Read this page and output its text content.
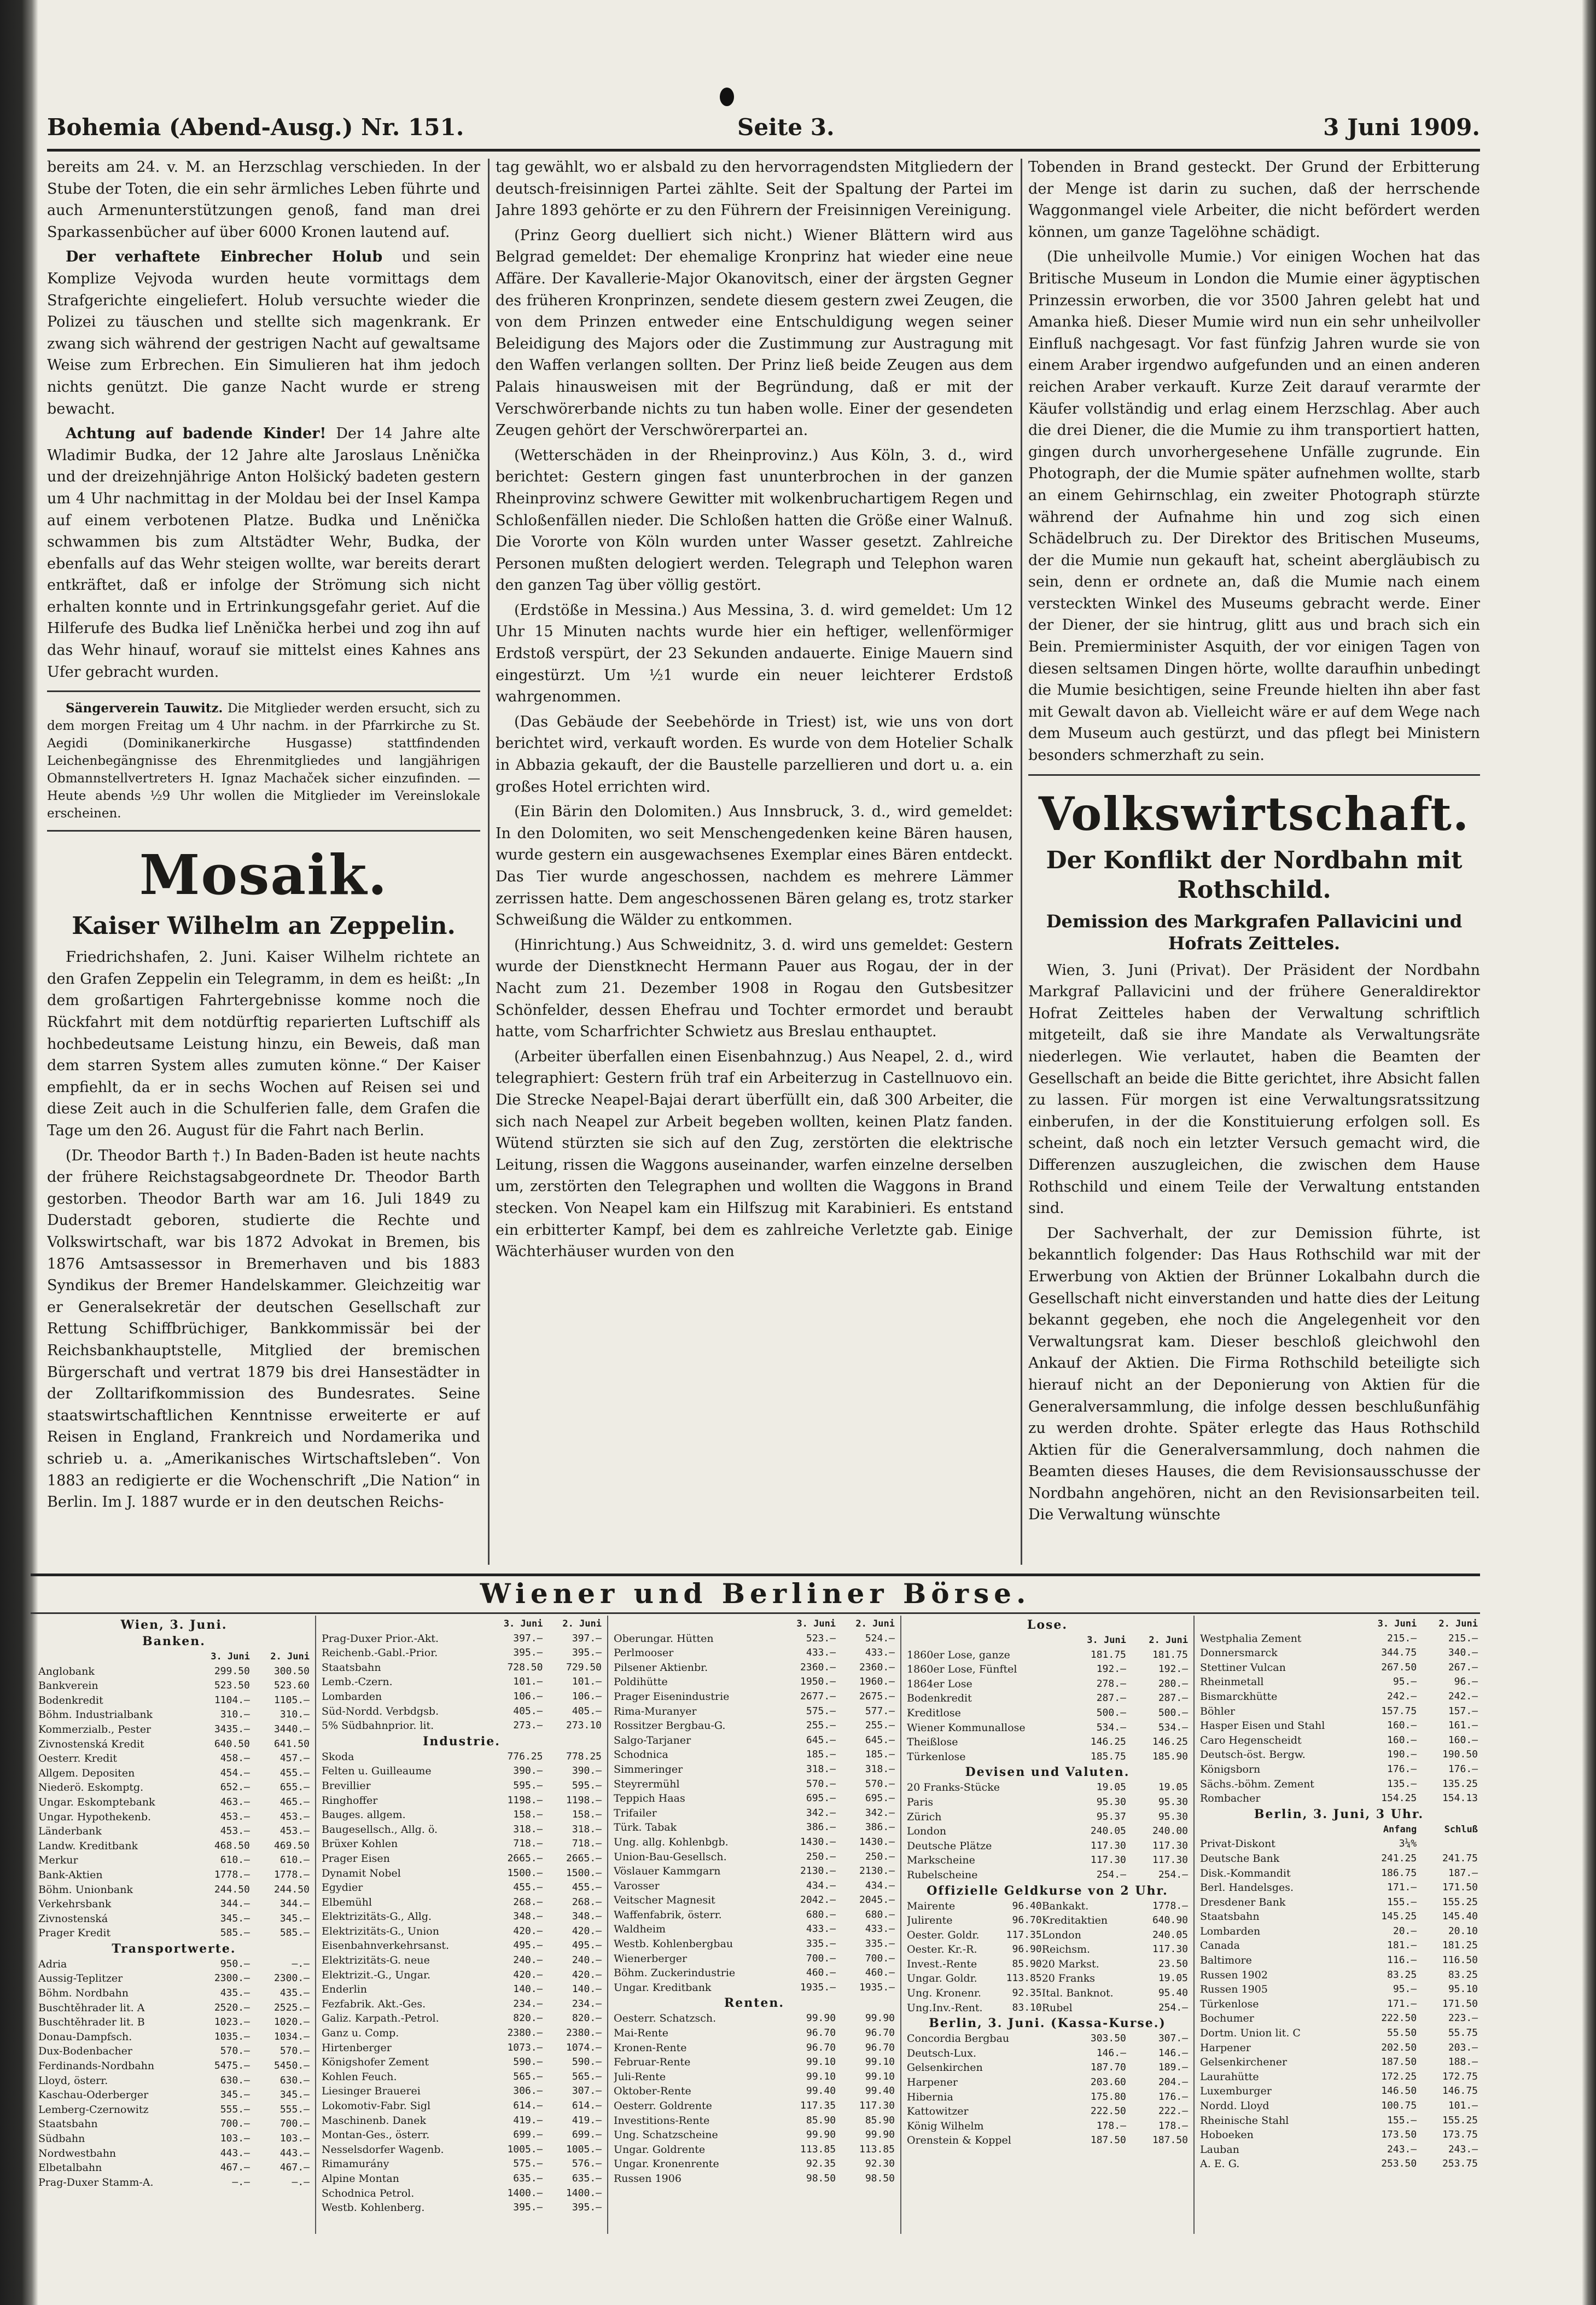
Bohemia (Abend-Ausg.) Nr. 151.	Seite 3.	3 Juni 1909.

bereits am 24. v. M. an Herzschlag verschieden. In der Stube der Toten, die ein sehr ärmliches Leben führte und auch Armenunterstützungen genoß, fand man drei Sparkassenbücher auf über 6000 Kronen lautend auf.

Der verhaftete Einbrecher Holub und sein Komplize Vejvoda wurden heute vormittags dem Strafgerichte eingeliefert. Holub versuchte wieder die Polizei zu täuschen und stellte sich magenkrank. Er zwang sich während der gestrigen Nacht auf gewaltsame Weise zum Erbrechen. Ein Simulieren hat ihm jedoch nichts genützt. Die ganze Nacht wurde er streng bewacht.

Achtung auf badende Kinder! Der 14 Jahre alte Wladimir Budka, der 12 Jahre alte Jaroslaus Lněnička und der dreizehnjährige Anton Holšický badeten gestern um 4 Uhr nachmittag in der Moldau bei der Insel Kampa auf einem verbotenen Platze. Budka und Lněnička schwammen bis zum Altstädter Wehr, Budka, der ebenfalls auf das Wehr steigen wollte, war bereits derart entkräftet, daß er infolge der Strömung sich nicht erhalten konnte und in Ertrinkungsgefahr geriet. Auf die Hilferufe des Budka lief Lněnička herbei und zog ihn auf das Wehr hinauf, worauf sie mittelst eines Kahnes ans Ufer gebracht wurden.

Sängerverein Tauwitz. Die Mitglieder werden ersucht, sich zu dem morgen Freitag um 4 Uhr nachm. in der Pfarrkirche zu St. Aegidi (Dominikanerkirche Husgasse) stattfindenden Leichenbegängnisse des Ehrenmitgliedes und langjährigen Obmannstellvertreters H. Ignaz Machaček sicher einzufinden. — Heute abends ½9 Uhr wollen die Mitglieder im Vereinslokale erscheinen.

Mosaik.
Kaiser Wilhelm an Zeppelin.

Friedrichshafen, 2. Juni. Kaiser Wilhelm richtete an den Grafen Zeppelin ein Telegramm, in dem es heißt: „In dem großartigen Fahrtergebnisse komme noch die Rückfahrt mit dem notdürftig reparierten Luftschiff als hochbedeutsame Leistung hinzu, ein Beweis, daß man dem starren System alles zumuten könne.“ Der Kaiser empfiehlt, da er in sechs Wochen auf Reisen sei und diese Zeit auch in die Schulferien falle, dem Grafen die Tage um den 26. August für die Fahrt nach Berlin.

(Dr. Theodor Barth †.) In Baden-Baden ist heute nachts der frühere Reichstagsabgeordnete Dr. Theodor Barth gestorben. Theodor Barth war am 16. Juli 1849 zu Duderstadt geboren, studierte die Rechte und Volkswirtschaft, war bis 1872 Advokat in Bremen, bis 1876 Amtsassessor in Bremerhaven und bis 1883 Syndikus der Bremer Handelskammer. Gleichzeitig war er Generalsekretär der deutschen Gesellschaft zur Rettung Schiffbrüchiger, Bankkommissär bei der Reichsbankhauptstelle, Mitglied der bremischen Bürgerschaft und vertrat 1879 bis drei Hansestädter in der Zolltarifkommission des Bundesrates. Seine staatswirtschaftlichen Kenntnisse erweiterte er auf Reisen in England, Frankreich und Nordamerika und schrieb u. a. „Amerikanisches Wirtschaftsleben“. Von 1883 an redigierte er die Wochenschrift „Die Nation“ in Berlin. Im J. 1887 wurde er in den deutschen Reichs-

tag gewählt, wo er alsbald zu den hervorragendsten Mitgliedern der deutsch-freisinnigen Partei zählte. Seit der Spaltung der Partei im Jahre 1893 gehörte er zu den Führern der Freisinnigen Vereinigung.

(Prinz Georg duelliert sich nicht.) Wiener Blättern wird aus Belgrad gemeldet: Der ehemalige Kronprinz hat wieder eine neue Affäre. Der Kavallerie-Major Okanovitsch, einer der ärgsten Gegner des früheren Kronprinzen, sendete diesem gestern zwei Zeugen, die von dem Prinzen entweder eine Entschuldigung wegen seiner Beleidigung des Majors oder die Zustimmung zur Austragung mit den Waffen verlangen sollten. Der Prinz ließ beide Zeugen aus dem Palais hinausweisen mit der Begründung, daß er mit der Verschwörerbande nichts zu tun haben wolle. Einer der gesendeten Zeugen gehört der Verschwörerpartei an.

(Wetterschäden in der Rheinprovinz.) Aus Köln, 3. d., wird berichtet: Gestern gingen fast ununterbrochen in der ganzen Rheinprovinz schwere Gewitter mit wolkenbruchartigem Regen und Schloßenfällen nieder. Die Schloßen hatten die Größe einer Walnuß. Die Vororte von Köln wurden unter Wasser gesetzt. Zahlreiche Personen mußten delogiert werden. Telegraph und Telephon waren den ganzen Tag über völlig gestört.

(Erdstöße in Messina.) Aus Messina, 3. d. wird gemeldet: Um 12 Uhr 15 Minuten nachts wurde hier ein heftiger, wellenförmiger Erdstoß verspürt, der 23 Sekunden andauerte. Einige Mauern sind eingestürzt. Um ½1 wurde ein neuer leichterer Erdstoß wahrgenommen.

(Das Gebäude der Seebehörde in Triest) ist, wie uns von dort berichtet wird, verkauft worden. Es wurde von dem Hotelier Schalk in Abbazia gekauft, der die Baustelle parzellieren und dort u. a. ein großes Hotel errichten wird.

(Ein Bärin den Dolomiten.) Aus Innsbruck, 3. d., wird gemeldet: In den Dolomiten, wo seit Menschengedenken keine Bären hausen, wurde gestern ein ausgewachsenes Exemplar eines Bären entdeckt. Das Tier wurde angeschossen, nachdem es mehrere Lämmer zerrissen hatte. Dem angeschossenen Bären gelang es, trotz starker Schweißung die Wälder zu entkommen.

(Hinrichtung.) Aus Schweidnitz, 3. d. wird uns gemeldet: Gestern wurde der Dienstknecht Hermann Pauer aus Rogau, der in der Nacht zum 21. Dezember 1908 in Rogau den Gutsbesitzer Schönfelder, dessen Ehefrau und Tochter ermordet und beraubt hatte, vom Scharfrichter Schwietz aus Breslau enthauptet.

(Arbeiter überfallen einen Eisenbahnzug.) Aus Neapel, 2. d., wird telegraphiert: Gestern früh traf ein Arbeiterzug in Castellnuovo ein. Die Strecke Neapel-Bajai derart überfüllt ein, daß 300 Arbeiter, die sich nach Neapel zur Arbeit begeben wollten, keinen Platz fanden. Wütend stürzten sie sich auf den Zug, zerstörten die elektrische Leitung, rissen die Waggons auseinander, warfen einzelne derselben um, zerstörten den Telegraphen und wollten die Waggons in Brand stecken. Von Neapel kam ein Hilfszug mit Karabinieri. Es entstand ein erbitterter Kampf, bei dem es zahlreiche Verletzte gab. Einige Wächterhäuser wurden von den

Tobenden in Brand gesteckt. Der Grund der Erbitterung der Menge ist darin zu suchen, daß der herrschende Waggonmangel viele Arbeiter, die nicht befördert werden können, um ganze Tagelöhne schädigt.

(Die unheilvolle Mumie.) Vor einigen Wochen hat das Britische Museum in London die Mumie einer ägyptischen Prinzessin erworben, die vor 3500 Jahren gelebt hat und Amanka hieß. Dieser Mumie wird nun ein sehr unheilvoller Einfluß nachgesagt. Vor fast fünfzig Jahren wurde sie von einem Araber irgendwo aufgefunden und an einen anderen reichen Araber verkauft. Kurze Zeit darauf verarmte der Käufer vollständig und erlag einem Herzschlag. Aber auch die drei Diener, die die Mumie zu ihm transportiert hatten, gingen durch unvorhergesehene Unfälle zugrunde. Ein Photograph, der die Mumie später aufnehmen wollte, starb an einem Gehirnschlag, ein zweiter Photograph stürzte während der Aufnahme hin und zog sich einen Schädelbruch zu. Der Direktor des Britischen Museums, der die Mumie nun gekauft hat, scheint abergläubisch zu sein, denn er ordnete an, daß die Mumie nach einem versteckten Winkel des Museums gebracht werde. Einer der Diener, der sie hintrug, glitt aus und brach sich ein Bein. Premierminister Asquith, der vor einigen Tagen von diesen seltsamen Dingen hörte, wollte daraufhin unbedingt die Mumie besichtigen, seine Freunde hielten ihn aber fast mit Gewalt davon ab. Vielleicht wäre er auf dem Wege nach dem Museum auch gestürzt, und das pflegt bei Ministern besonders schmerzhaft zu sein.

Volkswirtschaft.
Der Konflikt der Nordbahn mit Rothschild.
Demission des Markgrafen Pallavicini und Hofrats Zeitteles.

Wien, 3. Juni (Privat). Der Präsident der Nordbahn Markgraf Pallavicini und der frühere Generaldirektor Hofrat Zeitteles haben der Verwaltung schriftlich mitgeteilt, daß sie ihre Mandate als Verwaltungsräte niederlegen. Wie verlautet, haben die Beamten der Gesellschaft an beide die Bitte gerichtet, ihre Absicht fallen zu lassen. Für morgen ist eine Verwaltungsratssitzung einberufen, in der die Konstituierung erfolgen soll. Es scheint, daß noch ein letzter Versuch gemacht wird, die Differenzen auszugleichen, die zwischen dem Hause Rothschild und einem Teile der Verwaltung entstanden sind.

Der Sachverhalt, der zur Demission führte, ist bekanntlich folgender: Das Haus Rothschild war mit der Erwerbung von Aktien der Brünner Lokalbahn durch die Gesellschaft nicht einverstanden und hatte dies der Leitung bekannt gegeben, ehe noch die Angelegenheit vor den Verwaltungsrat kam. Dieser beschloß gleichwohl den Ankauf der Aktien. Die Firma Rothschild beteiligte sich hierauf nicht an der Deponierung von Aktien für die Generalversammlung, die infolge dessen beschlußunfähig zu werden drohte. Später erlegte das Haus Rothschild Aktien für die Generalversammlung, doch nahmen die Beamten dieses Hauses, die dem Revisionsausschusse der Nordbahn angehören, nicht an den Revisionsarbeiten teil. Die Verwaltung wünschte

Wiener und Berliner Börse.
Wien, 3. Juni.
Banken.
	3. Juni	2. Juni
Anglobank	299.50	300.50
Bankverein	523.50	523.60
Bodenkredit	1104.—	1105.—
Böhm. Industrialbank	310.—	310.—
Kommerzialb., Pester	3435.—	3440.—
Zivnostenská Kredit	640.50	641.50
Oesterr. Kredit	458.—	457.—
Allgem. Depositen	454.—	455.—
Niederö. Eskomptg.	652.—	655.—
Ungar. Eskomptebank	463.—	465.—
Ungar. Hypothekenb.	453.—	453.—
Länderbank	453.—	453.—
Landw. Kreditbank	468.50	469.50
Merkur	610.—	610.—
Bank-Aktien	1778.—	1778.—
Böhm. Unionbank	244.50	244.50
Verkehrsbank	344.—	344.—
Zivnostenská	345.—	345.—
Prager Kredit	585.—	585.—
Transportwerte.
Adria	950.—	—.—
Aussig-Teplitzer	2300.—	2300.—
Böhm. Nordbahn	435.—	435.—
Buschtěhrader lit. A	2520.—	2525.—
Buschtěhrader lit. B	1023.—	1020.—
Donau-Dampfsch.	1035.—	1034.—
Dux-Bodenbacher	570.—	570.—
Ferdinands-Nordbahn	5475.—	5450.—
Lloyd, österr.	630.—	630.—
Kaschau-Oderberger	345.—	345.—
Lemberg-Czernowitz	555.—	555.—
Staatsbahn	700.—	700.—
Südbahn	103.—	103.—
Nordwestbahn	443.—	443.—
Elbetalbahn	467.—	467.—
Prag-Duxer Stamm-A.	—.—	—.—
	3. Juni	2. Juni
Prag-Duxer Prior.-Akt.	397.—	397.—
Reichenb.-Gabl.-Prior.	395.—	395.—
Staatsbahn	728.50	729.50
Lemb.-Czern.	101.—	101.—
Lombarden	106.—	106.—
Süd-Nordd. Verbdgsb.	405.—	405.—
5% Südbahnprior. lit.	273.—	273.10
Industrie.
Skoda	776.25	778.25
Felten u. Guilleaume	390.—	390.—
Brevillier	595.—	595.—
Ringhoffer	1198.—	1198.—
Bauges. allgem.	158.—	158.—
Baugesellsch., Allg. ö.	318.—	318.—
Brüxer Kohlen	718.—	718.—
Prager Eisen	2665.—	2665.—
Dynamit Nobel	1500.—	1500.—
Egydier	455.—	455.—
Elbemühl	268.—	268.—
Elektrizitäts-G., Allg.	348.—	348.—
Elektrizitäts-G., Union	420.—	420.—
Eisenbahnverkehrsanst.	495.—	495.—
Elektrizitäts-G. neue	240.—	240.—
Elektrizit.-G., Ungar.	420.—	420.—
Enderlin	140.—	140.—
Fezfabrik. Akt.-Ges.	234.—	234.—
Galiz. Karpath.-Petrol.	820.—	820.—
Ganz u. Comp.	2380.—	2380.—
Hirtenberger	1073.—	1074.—
Königshofer Zement	590.—	590.—
Kohlen Feuch.	565.—	565.—
Liesinger Brauerei	306.—	307.—
Lokomotiv-Fabr. Sigl	614.—	614.—
Maschinenb. Danek	419.—	419.—
Montan-Ges., österr.	699.—	699.—
Nesselsdorfer Wagenb.	1005.—	1005.—
Rimamurány	575.—	576.—
Alpine Montan	635.—	635.—
Schodnica Petrol.	1400.—	1400.—
Westb. Kohlenberg.	395.—	395.—
	3. Juni	2. Juni
Oberungar. Hütten	523.—	524.—
Perlmooser	433.—	433.—
Pilsener Aktienbr.	2360.—	2360.—
Poldihütte	1950.—	1960.—
Prager Eisenindustrie	2677.—	2675.—
Rima-Muranyer	575.—	577.—
Rossitzer Bergbau-G.	255.—	255.—
Salgo-Tarjaner	645.—	645.—
Schodnica	185.—	185.—
Simmeringer	318.—	318.—
Steyrermühl	570.—	570.—
Teppich Haas	695.—	695.—
Trifailer	342.—	342.—
Türk. Tabak	386.—	386.—
Ung. allg. Kohlenbgb.	1430.—	1430.—
Union-Bau-Gesellsch.	250.—	250.—
Vöslauer Kammgarn	2130.—	2130.—
Varosser	434.—	434.—
Veitscher Magnesit	2042.—	2045.—
Waffenfabrik, österr.	680.—	680.—
Waldheim	433.—	433.—
Westb. Kohlenbergbau	335.—	335.—
Wienerberger	700.—	700.—
Böhm. Zuckerindustrie	460.—	460.—
Ungar. Kreditbank	1935.—	1935.—
Renten.
Oesterr. Schatzsch.	99.90	99.90
Mai-Rente	96.70	96.70
Kronen-Rente	96.70	96.70
Februar-Rente	99.10	99.10
Juli-Rente	99.10	99.10
Oktober-Rente	99.40	99.40
Oesterr. Goldrente	117.35	117.30
Investitions-Rente	85.90	85.90
Ung. Schatzscheine	99.90	99.90
Ungar. Goldrente	113.85	113.85
Ungar. Kronenrente	92.35	92.30
Russen 1906	98.50	98.50
Lose.
	3. Juni	2. Juni
1860er Lose, ganze	181.75	181.75
1860er Lose, Fünftel	192.—	192.—
1864er Lose	278.—	280.—
Bodenkredit	287.—	287.—
Kreditlose	500.—	500.—
Wiener Kommunallose	534.—	534.—
Theißlose	146.25	146.25
Türkenlose	185.75	185.90
Devisen und Valuten.
20 Franks-Stücke	19.05	19.05
Paris	95.30	95.30
Zürich	95.37	95.30
London	240.05	240.00
Deutsche Plätze	117.30	117.30
Markscheine	117.30	117.30
Rubelscheine	254.—	254.—
Offizielle Geldkurse von 2 Uhr.
Mairente	96.40	Bankakt.	1778.—
Julirente	96.70	Kreditaktien	640.90
Oester. Goldr.	117.35	London	240.05
Oester. Kr.-R.	96.90	Reichsm.	117.30
Invest.-Rente	85.90	20 Markst.	23.50
Ungar. Goldr.	113.85	20 Franks	19.05
Ung. Kronenr.	92.35	Ital. Banknot.	95.40
Ung.Inv.-Rent.	83.10	Rubel	254.—
Berlin, 3. Juni. (Kassa-Kurse.)
Concordia Bergbau	303.50	307.—
Deutsch-Lux.	146.—	146.—
Gelsenkirchen	187.70	189.—
Harpener	203.60	204.—
Hibernia	175.80	176.—
Kattowitzer	222.50	222.—
König Wilhelm	178.—	178.—
Orenstein & Koppel	187.50	187.50
	3. Juni	2. Juni
Westphalia Zement	215.—	215.—
Donnersmarck	344.75	340.—
Stettiner Vulcan	267.50	267.—
Rheinmetall	95.—	96.—
Bismarckhütte	242.—	242.—
Böhler	157.75	157.—
Hasper Eisen und Stahl	160.—	161.—
Caro Hegenscheidt	160.—	160.—
Deutsch-öst. Bergw.	190.—	190.50
Königsborn	176.—	176.—
Sächs.-böhm. Zement	135.—	135.25
Rombacher	154.25	154.13
Berlin, 3. Juni, 3 Uhr.
	Anfang	Schluß
Privat-Diskont	3¼%	
Deutsche Bank	241.25	241.75
Disk.-Kommandit	186.75	187.—
Berl. Handelsges.	171.—	171.50
Dresdener Bank	155.—	155.25
Staatsbahn	145.25	145.40
Lombarden	20.—	20.10
Canada	181.—	181.25
Baltimore	116.—	116.50
Russen 1902	83.25	83.25
Russen 1905	95.—	95.10
Türkenlose	171.—	171.50
Bochumer	222.50	223.—
Dortm. Union lit. C	55.50	55.75
Harpener	202.50	203.—
Gelsenkirchener	187.50	188.—
Laurahütte	172.25	172.75
Luxemburger	146.50	146.75
Nordd. Lloyd	100.75	101.—
Rheinische Stahl	155.—	155.25
Hoboeken	173.50	173.75
Lauban	243.—	243.—
A. E. G.	253.50	253.75
